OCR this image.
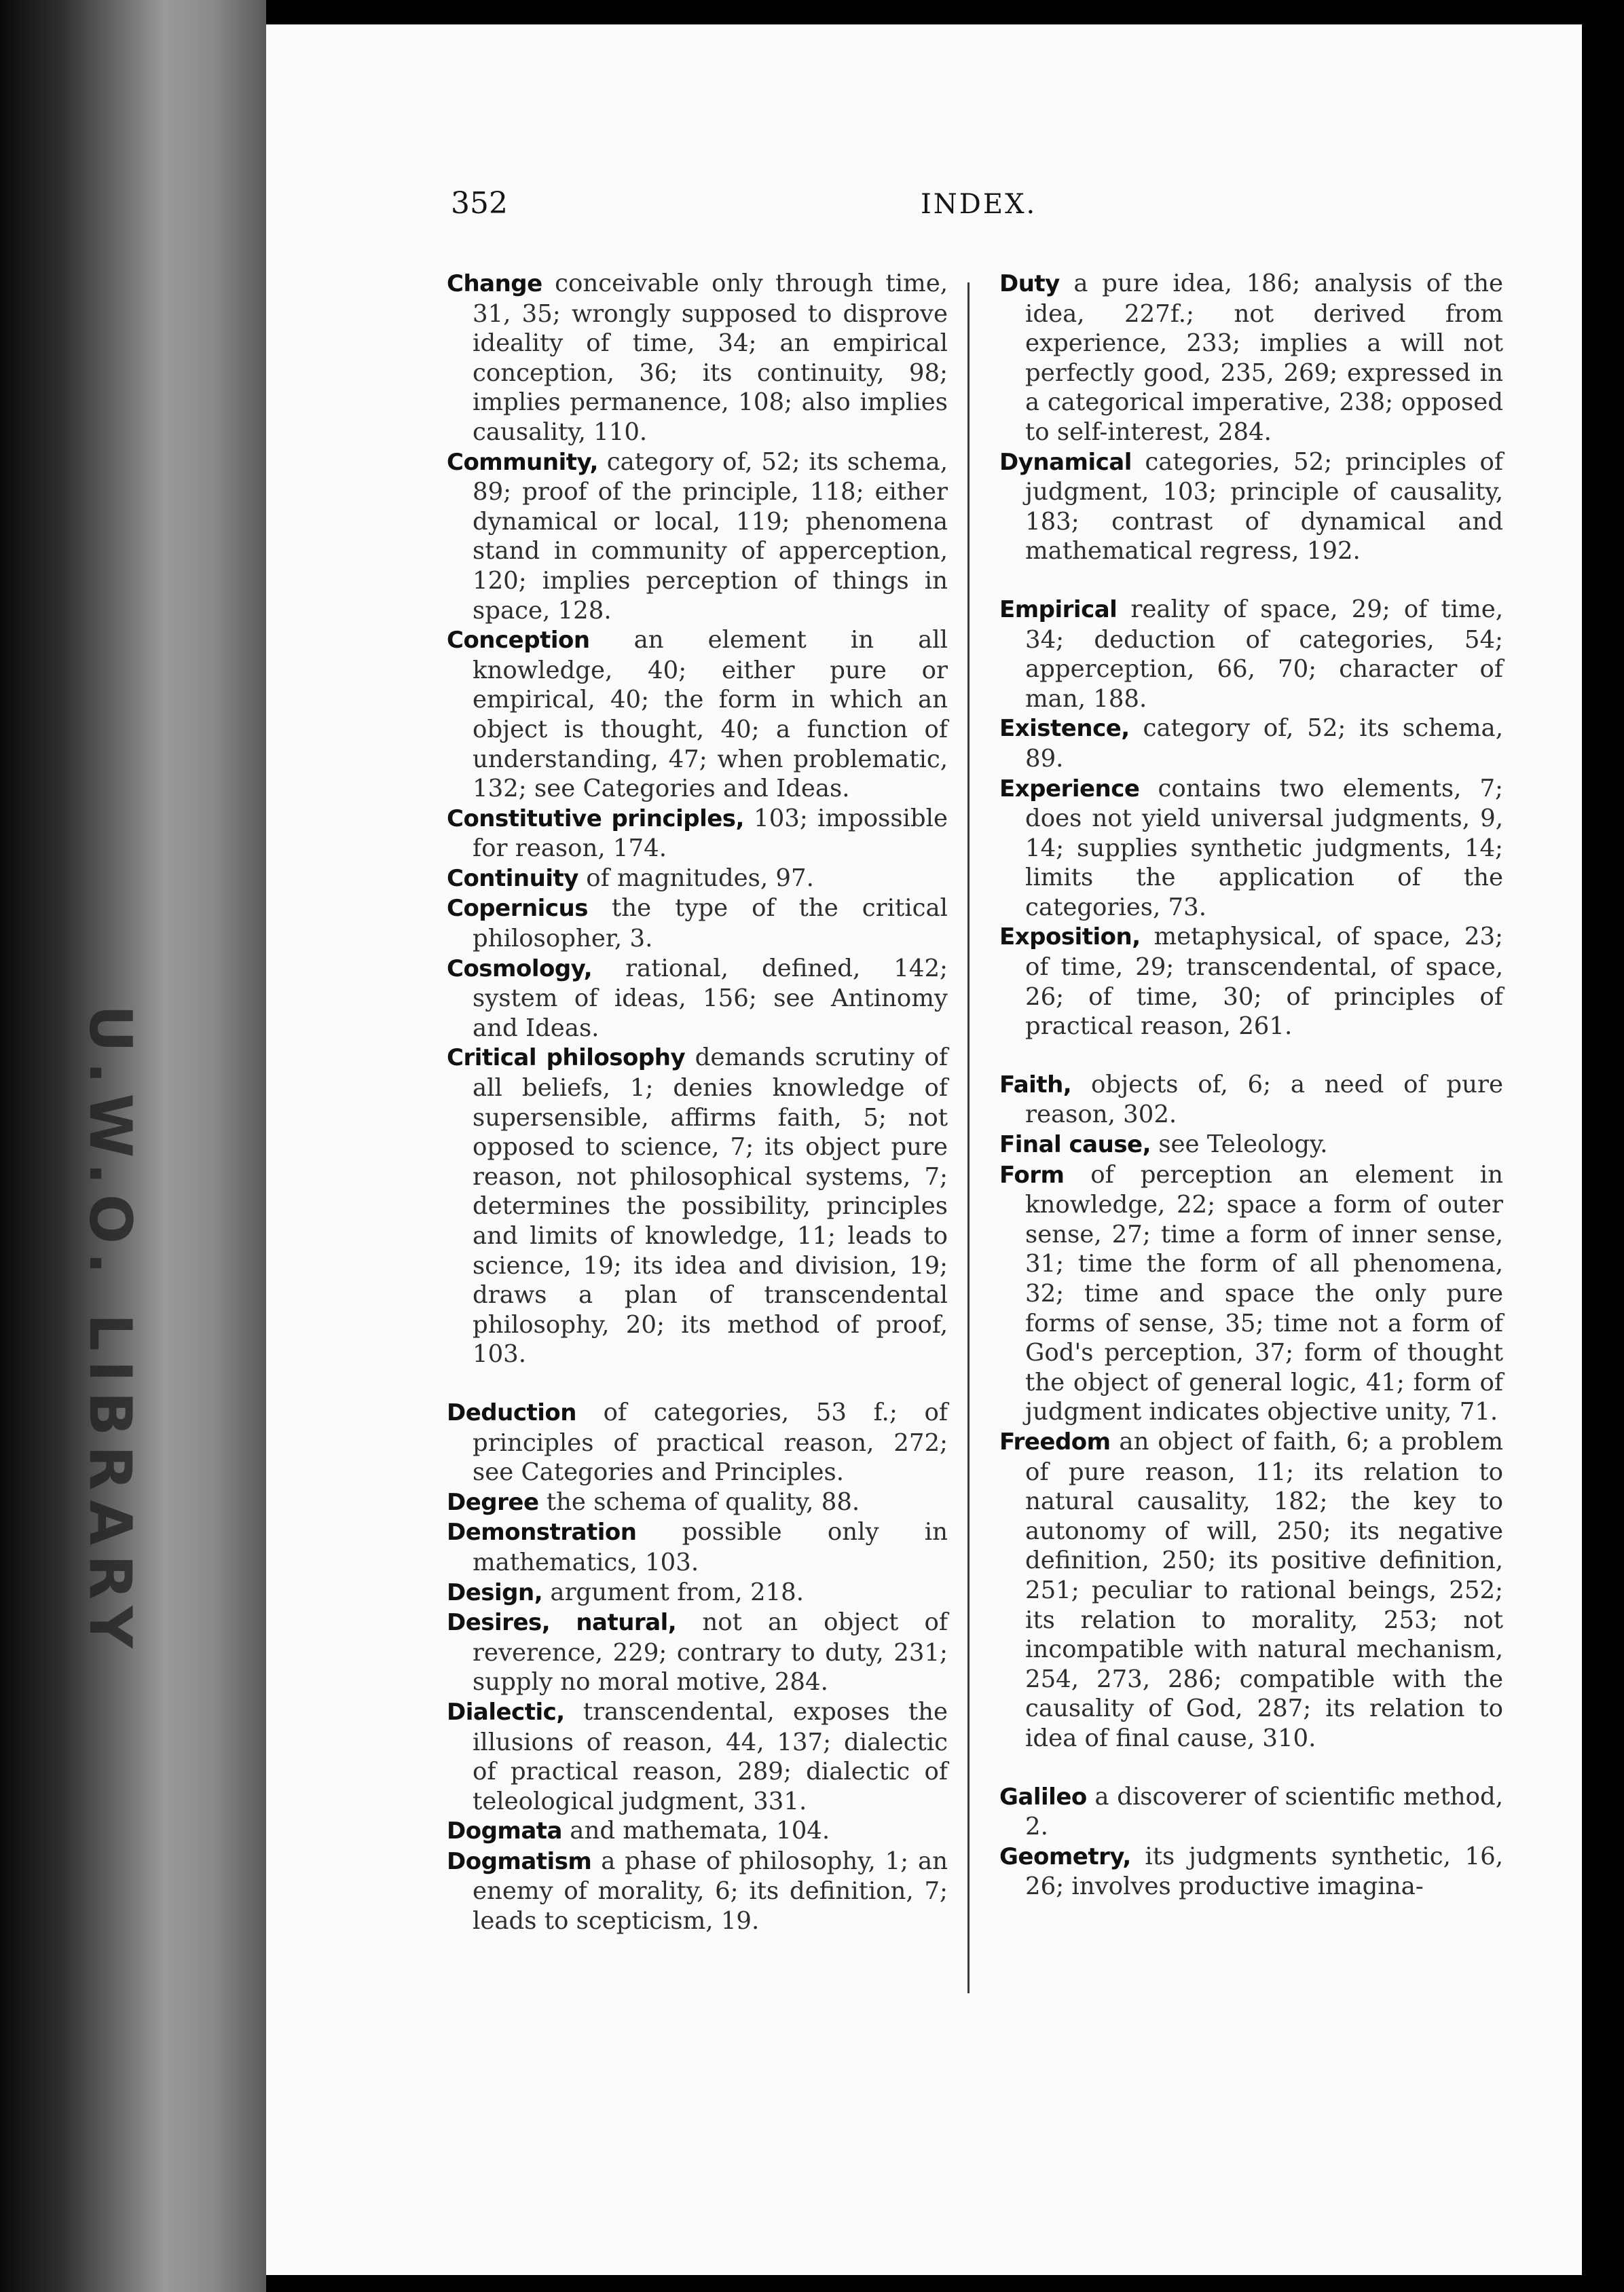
U.W.O. LIBRARY
352	INDEX.

Change conceivable only through time, 31, 35; wrongly supposed to disprove ideality of time, 34; an empirical conception, 36; its continuity, 98; implies permanence, 108; also implies causality, 110.

Community, category of, 52; its schema, 89; proof of the principle, 118; either dynamical or local, 119; phenomena stand in community of apperception, 120; implies perception of things in space, 128.

Conception an element in all knowledge, 40; either pure or empirical, 40; the form in which an object is thought, 40; a function of understanding, 47; when problematic, 132; see Categories and Ideas.

Constitutive principles, 103; impossible for reason, 174.

Continuity of magnitudes, 97.

Copernicus the type of the critical philosopher, 3.

Cosmology, rational, defined, 142; system of ideas, 156; see Antinomy and Ideas.

Critical philosophy demands scrutiny of all beliefs, 1; denies knowledge of supersensible, affirms faith, 5; not opposed to science, 7; its object pure reason, not philosophical systems, 7; determines the possibility, principles and limits of knowledge, 11; leads to science, 19; its idea and division, 19; draws a plan of transcendental philosophy, 20; its method of proof, 103.

Deduction of categories, 53 f.; of principles of practical reason, 272; see Categories and Principles.

Degree the schema of quality, 88.

Demonstration possible only in mathematics, 103.

Design, argument from, 218.

Desires, natural, not an object of reverence, 229; contrary to duty, 231; supply no moral motive, 284.

Dialectic, transcendental, exposes the illusions of reason, 44, 137; dialectic of practical reason, 289; dialectic of teleological judgment, 331.

Dogmata and mathemata, 104.

Dogmatism a phase of philosophy, 1; an enemy of morality, 6; its definition, 7; leads to scepticism, 19.

Duty a pure idea, 186; analysis of the idea, 227f.; not derived from experience, 233; implies a will not perfectly good, 235, 269; expressed in a categorical imperative, 238; opposed to self-interest, 284.

Dynamical categories, 52; principles of judgment, 103; principle of causality, 183; contrast of dynamical and mathematical regress, 192.

Empirical reality of space, 29; of time, 34; deduction of categories, 54; apperception, 66, 70; character of man, 188.

Existence, category of, 52; its schema, 89.

Experience contains two elements, 7; does not yield universal judgments, 9, 14; supplies synthetic judgments, 14; limits the application of the categories, 73.

Exposition, metaphysical, of space, 23; of time, 29; transcendental, of space, 26; of time, 30; of principles of practical reason, 261.

Faith, objects of, 6; a need of pure reason, 302.

Final cause, see Teleology.

Form of perception an element in knowledge, 22; space a form of outer sense, 27; time a form of inner sense, 31; time the form of all phenomena, 32; time and space the only pure forms of sense, 35; time not a form of God's perception, 37; form of thought the object of general logic, 41; form of judgment indicates objective unity, 71.

Freedom an object of faith, 6; a problem of pure reason, 11; its relation to natural causality, 182; the key to autonomy of will, 250; its negative definition, 250; its positive definition, 251; peculiar to rational beings, 252; its relation to morality, 253; not incompatible with natural mechanism, 254, 273, 286; compatible with the causality of God, 287; its relation to idea of final cause, 310.

Galileo a discoverer of scientific method, 2.

Geometry, its judgments synthetic, 16, 26; involves productive imagina-
